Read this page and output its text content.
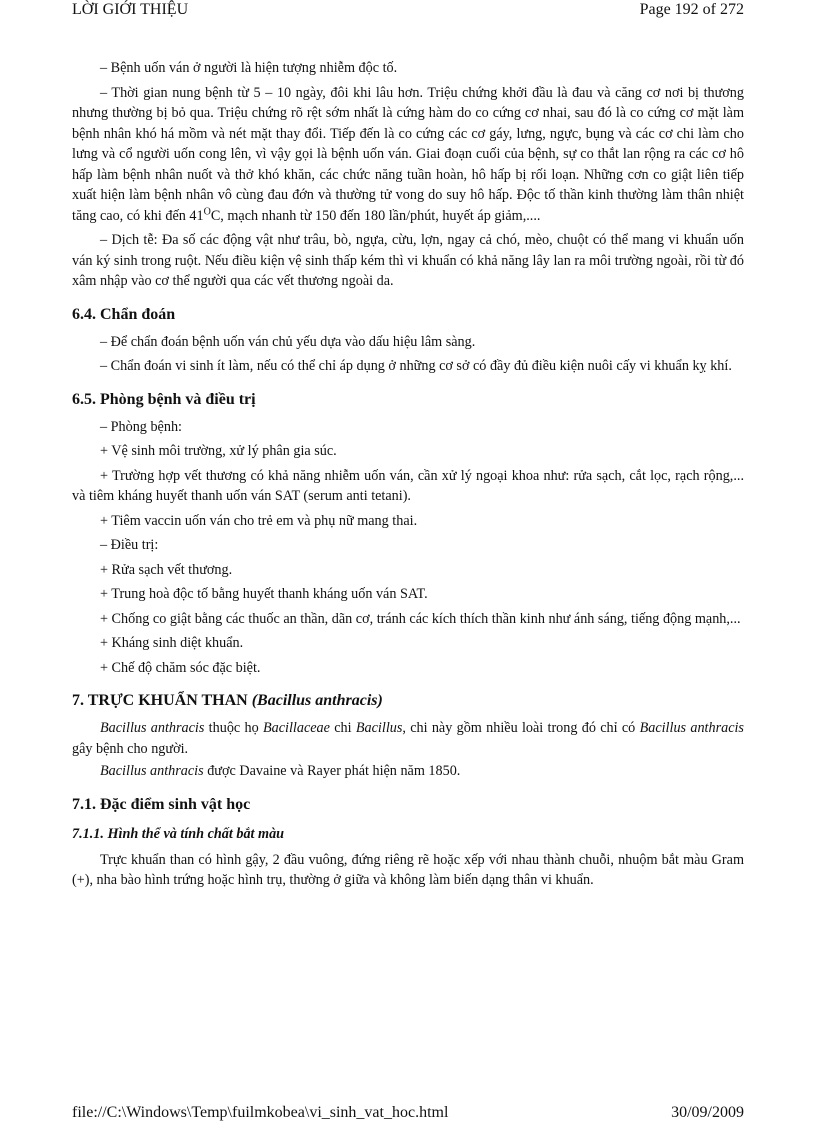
LỜI GIỚI THIỆU	Page 192 of 272

– Bệnh uốn ván ở người là hiện tượng nhiễm độc tố.

– Thời gian nung bệnh từ 5 – 10 ngày, đôi khi lâu hơn. Triệu chứng khởi đầu là đau và căng cơ nơi bị thương nhưng thường bị bỏ qua. Triệu chứng rõ rệt sớm nhất là cứng hàm do co cứng cơ nhai, sau đó là co cứng cơ mặt làm bệnh nhân khó há mồm và nét mặt thay đổi. Tiếp đến là co cứng các cơ gáy, lưng, ngực, bụng và các cơ chi làm cho lưng và cổ người uốn cong lên, vì vậy gọi là bệnh uốn ván. Giai đoạn cuối của bệnh, sự co thắt lan rộng ra các cơ hô hấp làm bệnh nhân nuốt và thở khó khăn, các chức năng tuần hoàn, hô hấp bị rối loạn. Những cơn co giật liên tiếp xuất hiện làm bệnh nhân vô cùng đau đớn và thường tử vong do suy hô hấp. Độc tố thần kinh thường làm thân nhiệt tăng cao, có khi đến $41^OC$, mạch nhanh từ 150 đến 180 lần/phút, huyết áp giảm,....

– Dịch tễ: Đa số các động vật như trâu, bò, ngựa, cừu, lợn, ngay cả chó, mèo, chuột có thể mang vi khuẩn uốn ván ký sinh trong ruột. Nếu điều kiện vệ sinh thấp kém thì vi khuẩn có khả năng lây lan ra môi trường ngoài, rồi từ đó xâm nhập vào cơ thể người qua các vết thương ngoài da.

6.4. Chẩn đoán

– Để chẩn đoán bệnh uốn ván chủ yếu dựa vào dấu hiệu lâm sàng.

– Chẩn đoán vi sinh ít làm, nếu có thể chỉ áp dụng ở những cơ sở có đầy đủ điều kiện nuôi cấy vi khuẩn kỵ khí.

6.5. Phòng bệnh và điều trị

– Phòng bệnh:

+ Vệ sinh môi trường, xử lý phân gia súc.

+ Trường hợp vết thương có khả năng nhiễm uốn ván, cần xử lý ngoại khoa như: rửa sạch, cắt lọc, rạch rộng,... và tiêm kháng huyết thanh uốn ván SAT (serum anti tetani).

+ Tiêm vaccin uốn ván cho trẻ em và phụ nữ mang thai.

– Điều trị:

+ Rửa sạch vết thương.

+ Trung hoà độc tố bằng huyết thanh kháng uốn ván SAT.

+ Chống co giật bằng các thuốc an thần, dãn cơ, tránh các kích thích thần kinh như ánh sáng, tiếng động mạnh,...

+ Kháng sinh diệt khuẩn.

+ Chế độ chăm sóc đặc biệt.

7. TRỰC KHUẨN THAN (Bacillus anthracis)

Bacillus anthracis thuộc họ Bacillaceae chi Bacillus, chi này gồm nhiều loài trong đó chỉ có Bacillus anthracis gây bệnh cho người.

Bacillus anthracis được Davaine và Rayer phát hiện năm 1850.

7.1. Đặc điểm sinh vật học
7.1.1. Hình thể và tính chất bắt màu

Trực khuẩn than có hình gậy, 2 đầu vuông, đứng riêng rẽ hoặc xếp với nhau thành chuỗi, nhuộm bắt màu Gram (+), nha bào hình trứng hoặc hình trụ, thường ở giữa và không làm biến dạng thân vi khuẩn.

file://C:\Windows\Temp\fuilmkobea\vi_sinh_vat_hoc.html	30/09/2009
